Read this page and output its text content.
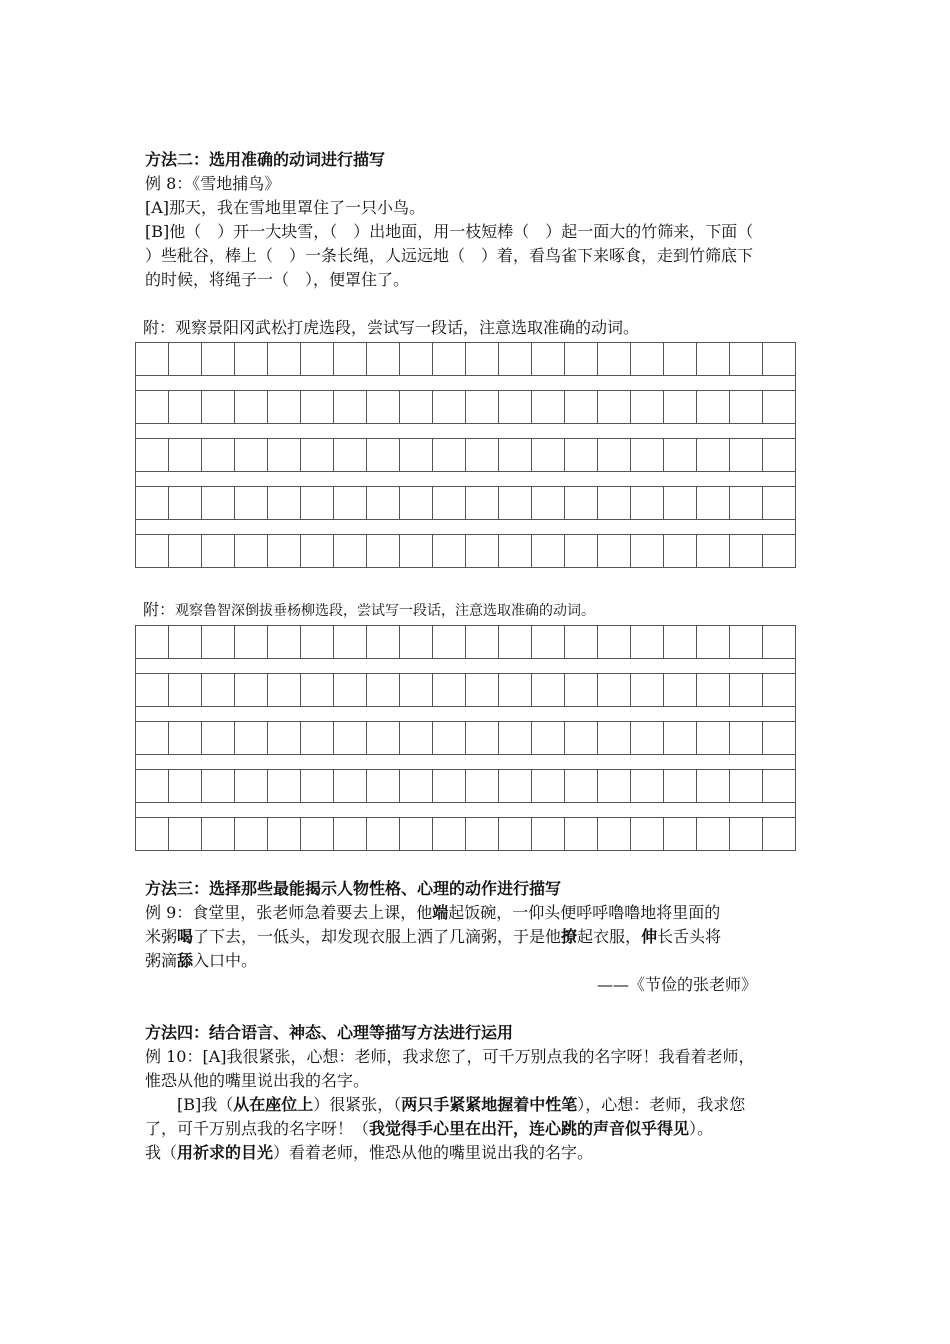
方法二：选用准确的动词进行描写
例 8：《雪地捕鸟》
[A]那天，我在雪地里罩住了一只小鸟。
[B]他（　）开一大块雪，（　）出地面，用一枝短棒（　）起一面大的竹筛来，下面（
）些秕谷，棒上（　）一条长绳，人远远地（　）着，看鸟雀下来啄食，走到竹筛底下
的时候，将绳子一（　），便罩住了。
附：观察景阳冈武松打虎选段，尝试写一段话，注意选取准确的动词。

附：观察鲁智深倒拔垂杨柳选段，尝试写一段话，注意选取准确的动词。

方法三：选择那些最能揭示人物性格、心理的动作进行描写
例 9：食堂里，张老师急着要去上课，他端起饭碗，一仰头便呼呼噜噜地将里面的
米粥喝了下去，一低头，却发现衣服上洒了几滴粥，于是他撩起衣服，伸长舌头将
粥滴舔入口中。
——《节俭的张老师》
方法四：结合语言、神态、心理等描写方法进行运用
例 10：[A]我很紧张，心想：老师，我求您了，可千万别点我的名字呀！我看着老师，
惟恐从他的嘴里说出我的名字。
[B]我（从在座位上）很紧张，（两只手紧紧地握着中性笔），心想：老师，我求您
了，可千万别点我的名字呀！（我觉得手心里在出汗，连心跳的声音似乎得见）。
我（用祈求的目光）看着老师，惟恐从他的嘴里说出我的名字。
